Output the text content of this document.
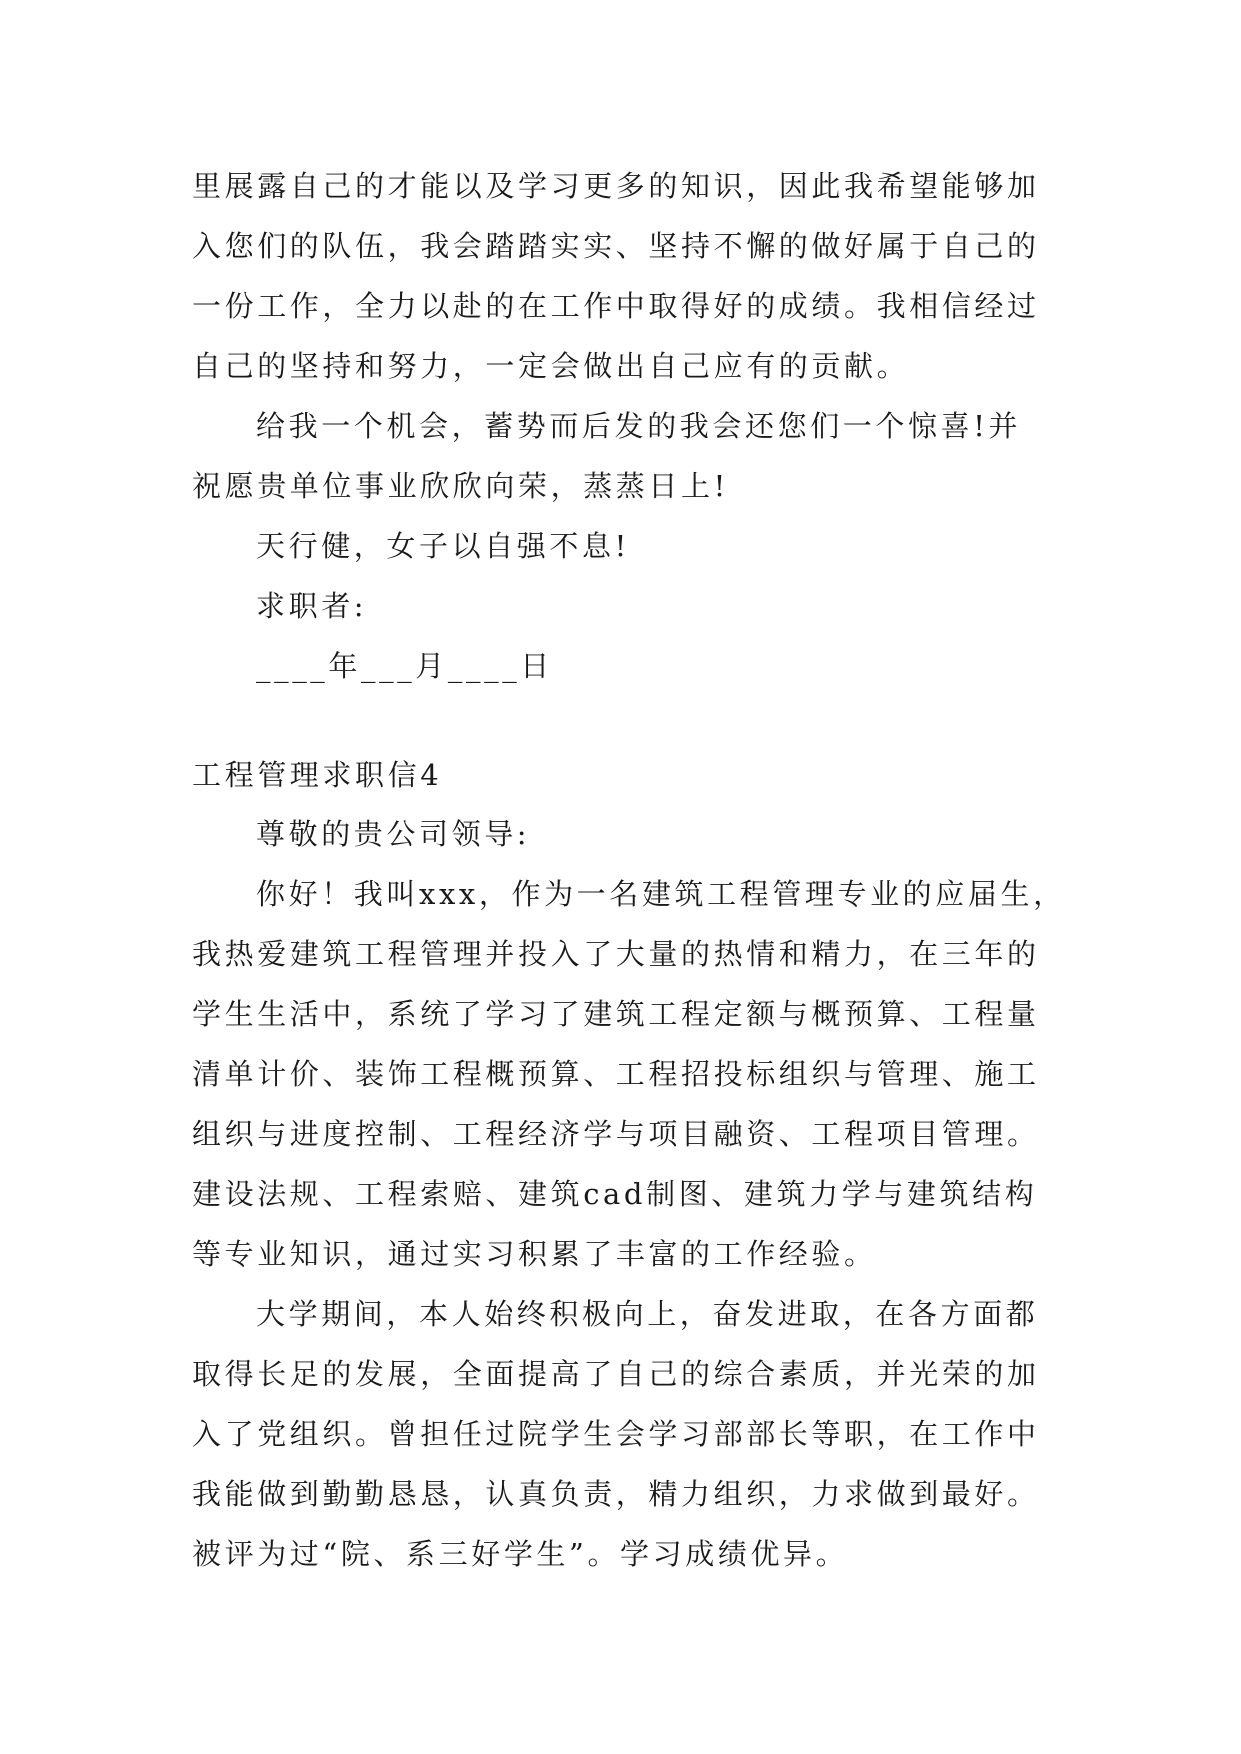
里展露自己的才能以及学习更多的知识，因此我希望能够加
入您们的队伍，我会踏踏实实、坚持不懈的做好属于自己的
一份工作，全力以赴的在工作中取得好的成绩。我相信经过
自己的坚持和努力，一定会做出自己应有的贡献。
给我一个机会，蓄势而后发的我会还您们一个惊喜!并
祝愿贵单位事业欣欣向荣，蒸蒸日上!
天行健，女子以自强不息!
求职者:
____年___月____日
工程管理求职信4
尊敬的贵公司领导:
你好！我叫xxx，作为一名建筑工程管理专业的应届生，
我热爱建筑工程管理并投入了大量的热情和精力，在三年的
学生生活中，系统了学习了建筑工程定额与概预算、工程量
清单计价、装饰工程概预算、工程招投标组织与管理、施工
组织与进度控制、工程经济学与项目融资、工程项目管理。
建设法规、工程索赔、建筑cad制图、建筑力学与建筑结构
等专业知识，通过实习积累了丰富的工作经验。
大学期间，本人始终积极向上，奋发进取，在各方面都
取得长足的发展，全面提高了自己的综合素质，并光荣的加
入了党组织。曾担任过院学生会学习部部长等职，在工作中
我能做到勤勤恳恳，认真负责，精力组织，力求做到最好。
被评为过“院、系三好学生”。学习成绩优异。
